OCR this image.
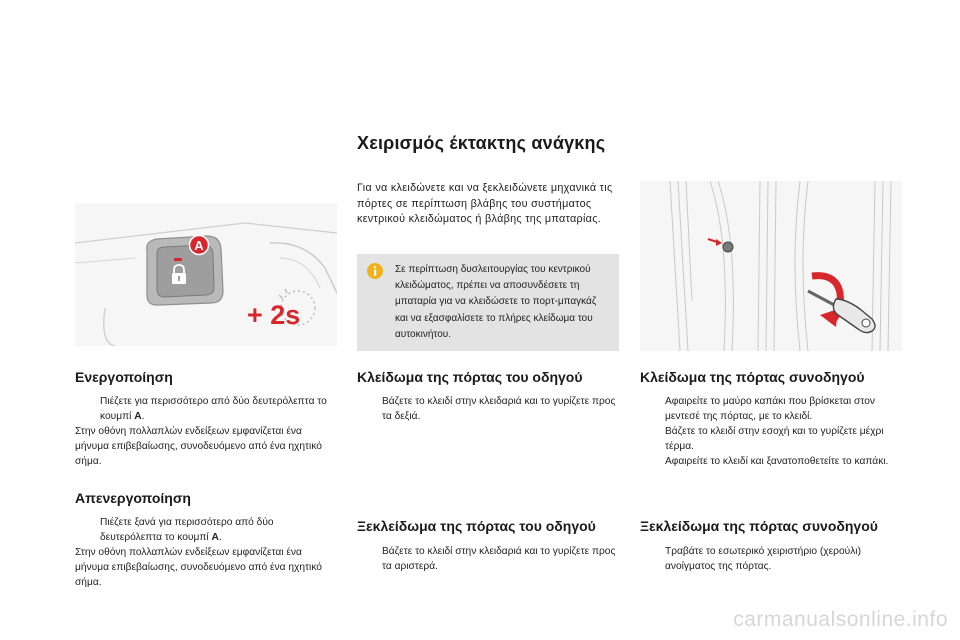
A
+ 2s
Χειρισμός έκτακτης ανάγκης
Για να κλειδώνετε και να ξεκλειδώνετε μηχανικά τις πόρτες σε περίπτωση βλάβης του συστήματος κεντρικού κλειδώματος ή βλάβης της μπαταρίας.
Σε περίπτωση δυσλειτουργίας του κεντρικού κλειδώματος, πρέπει να αποσυνδέσετε τη μπαταρία για να κλειδώσετε το πορτ-μπαγκάζ και να εξασφαλίσετε το πλήρες κλείδωμα του αυτοκινήτου.
Ενεργοποίηση
Πιέζετε για περισσότερο από δύο δευτερόλεπτα το κουμπί A.
Στην οθόνη πολλαπλών ενδείξεων εμφανίζεται ένα μήνυμα επιβεβαίωσης, συνοδευόμενο από ένα ηχητικό σήμα.
Απενεργοποίηση
Πιέζετε ξανά για περισσότερο από δύο δευτερόλεπτα το κουμπί A.
Στην οθόνη πολλαπλών ενδείξεων εμφανίζεται ένα μήνυμα επιβεβαίωσης, συνοδευόμενο από ένα ηχητικό σήμα.
Κλείδωμα της πόρτας του οδηγού
Βάζετε το κλειδί στην κλειδαριά και το γυρίζετε προς τα δεξιά.
Ξεκλείδωμα της πόρτας του οδηγού
Βάζετε το κλειδί στην κλειδαριά και το γυρίζετε προς τα αριστερά.
Κλείδωμα της πόρτας συνοδηγού
Αφαιρείτε το μαύρο καπάκι που βρίσκεται στον μεντεσέ της πόρτας, με το κλειδί.
Βάζετε το κλειδί στην εσοχή και το γυρίζετε μέχρι τέρμα.
Αφαιρείτε το κλειδί και ξανατοποθετείτε το καπάκι.
Ξεκλείδωμα της πόρτας συνοδηγού
Τραβάτε το εσωτερικό χειριστήριο (χερούλι) ανοίγματος της πόρτας.
carmanualsonline.info
